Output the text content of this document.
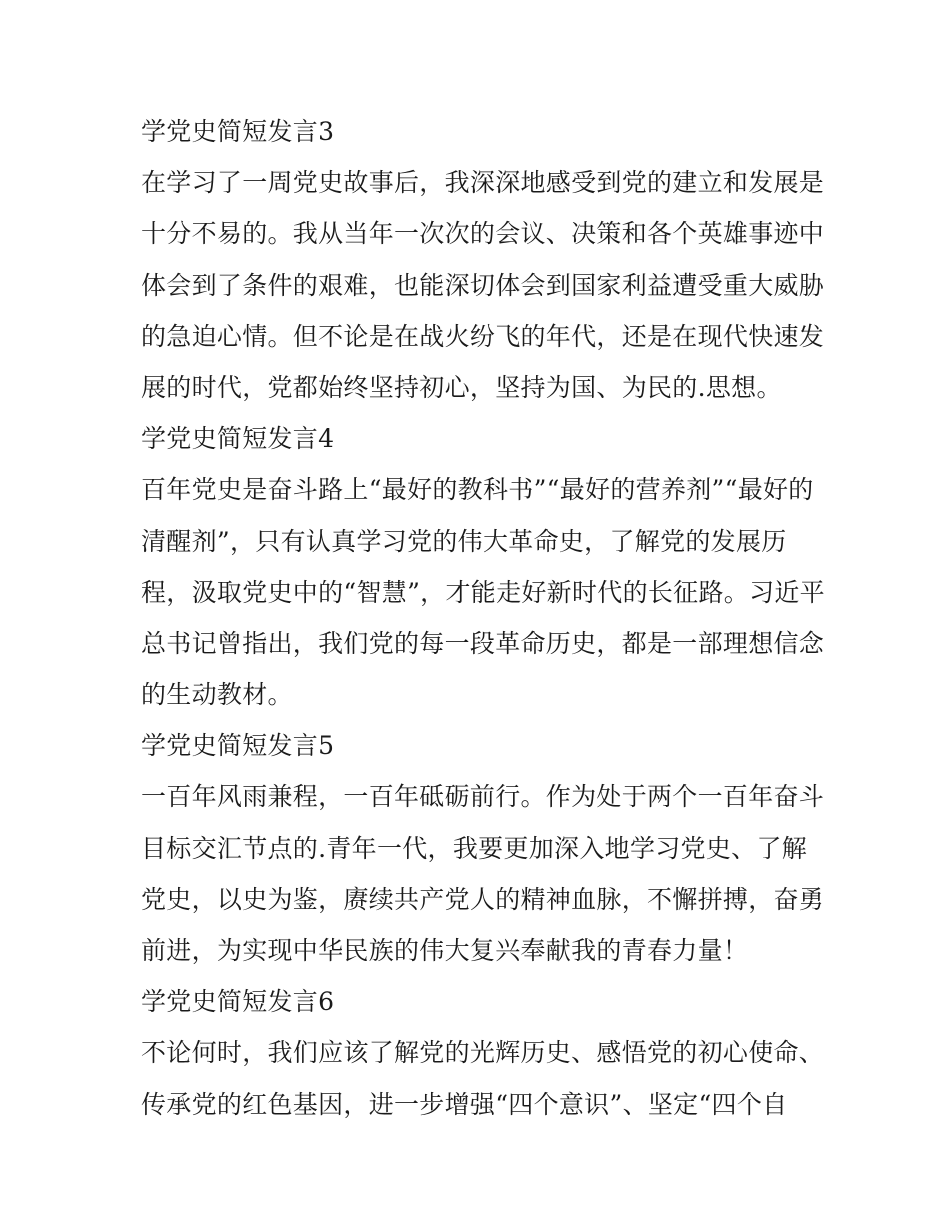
学党史简短发言3
在学习了一周党史故事后，我深深地感受到党的建立和发展是
十分不易的。我从当年一次次的会议、决策和各个英雄事迹中
体会到了条件的艰难，也能深切体会到国家利益遭受重大威胁
的急迫心情。但不论是在战火纷飞的年代，还是在现代快速发
展的时代，党都始终坚持初心，坚持为国、为民的.思想。
学党史简短发言4
百年党史是奋斗路上“最好的教科书”“最好的营养剂”“最好的
清醒剂”，只有认真学习党的伟大革命史，了解党的发展历
程，汲取党史中的“智慧”，才能走好新时代的长征路。习近平
总书记曾指出，我们党的每一段革命历史，都是一部理想信念
的生动教材。
学党史简短发言5
一百年风雨兼程，一百年砥砺前行。作为处于两个一百年奋斗
目标交汇节点的.青年一代，我要更加深入地学习党史、了解
党史，以史为鉴，赓续共产党人的精神血脉，不懈拼搏，奋勇
前进，为实现中华民族的伟大复兴奉献我的青春力量！
学党史简短发言6
不论何时，我们应该了解党的光辉历史、感悟党的初心使命、
传承党的红色基因，进一步增强“四个意识”、坚定“四个自
